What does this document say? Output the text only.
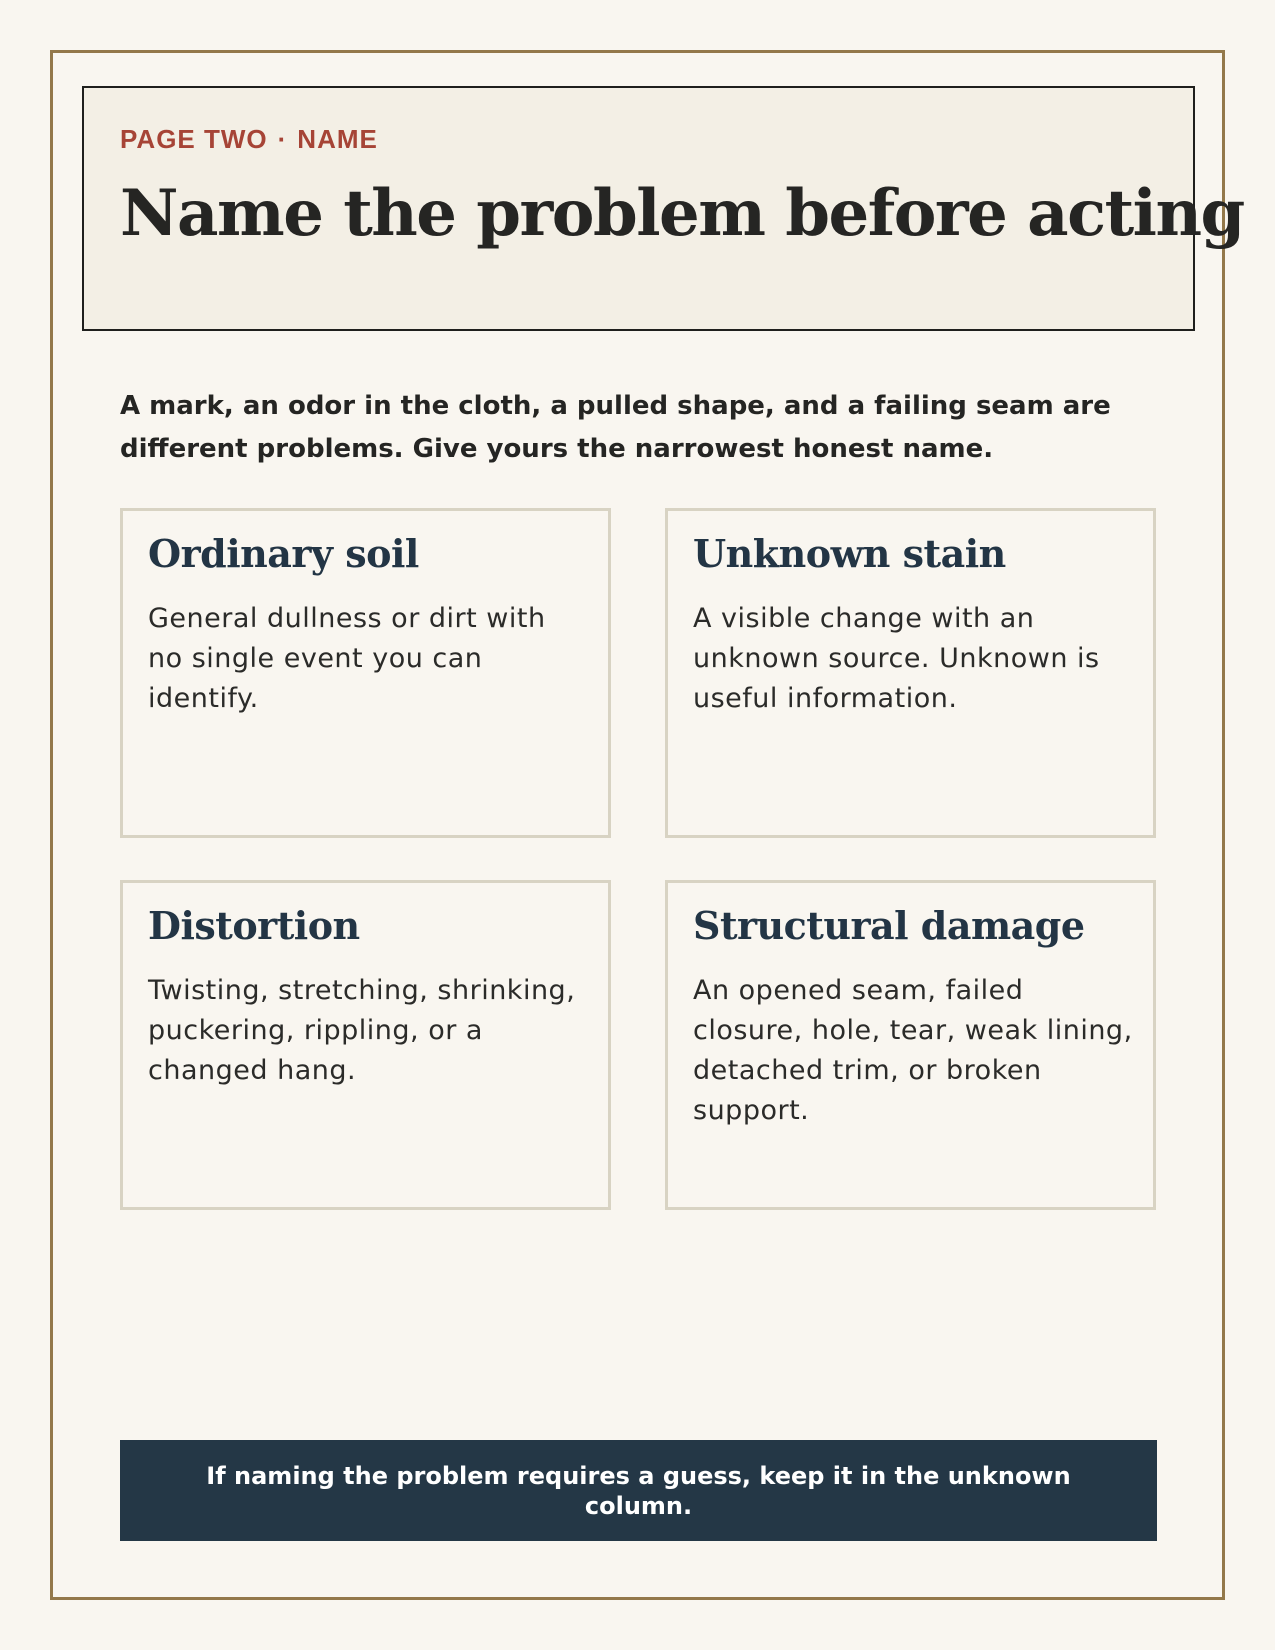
PAGE TWO · NAME

Name the problem before acting

A mark, an odor in the cloth, a pulled shape, and a failing seam are different problems. Give yours the narrowest honest name.

Ordinary soil

General dullness or dirt with no single event you can identify.

Unknown stain

A visible change with an unknown source. Unknown is useful information.

Distortion

Twisting, stretching, shrinking, puckering, rippling, or a changed hang.

Structural damage

An opened seam, failed closure, hole, tear, weak lining, detached trim, or broken support.

If naming the problem requires a guess, keep it in the unknown column.
